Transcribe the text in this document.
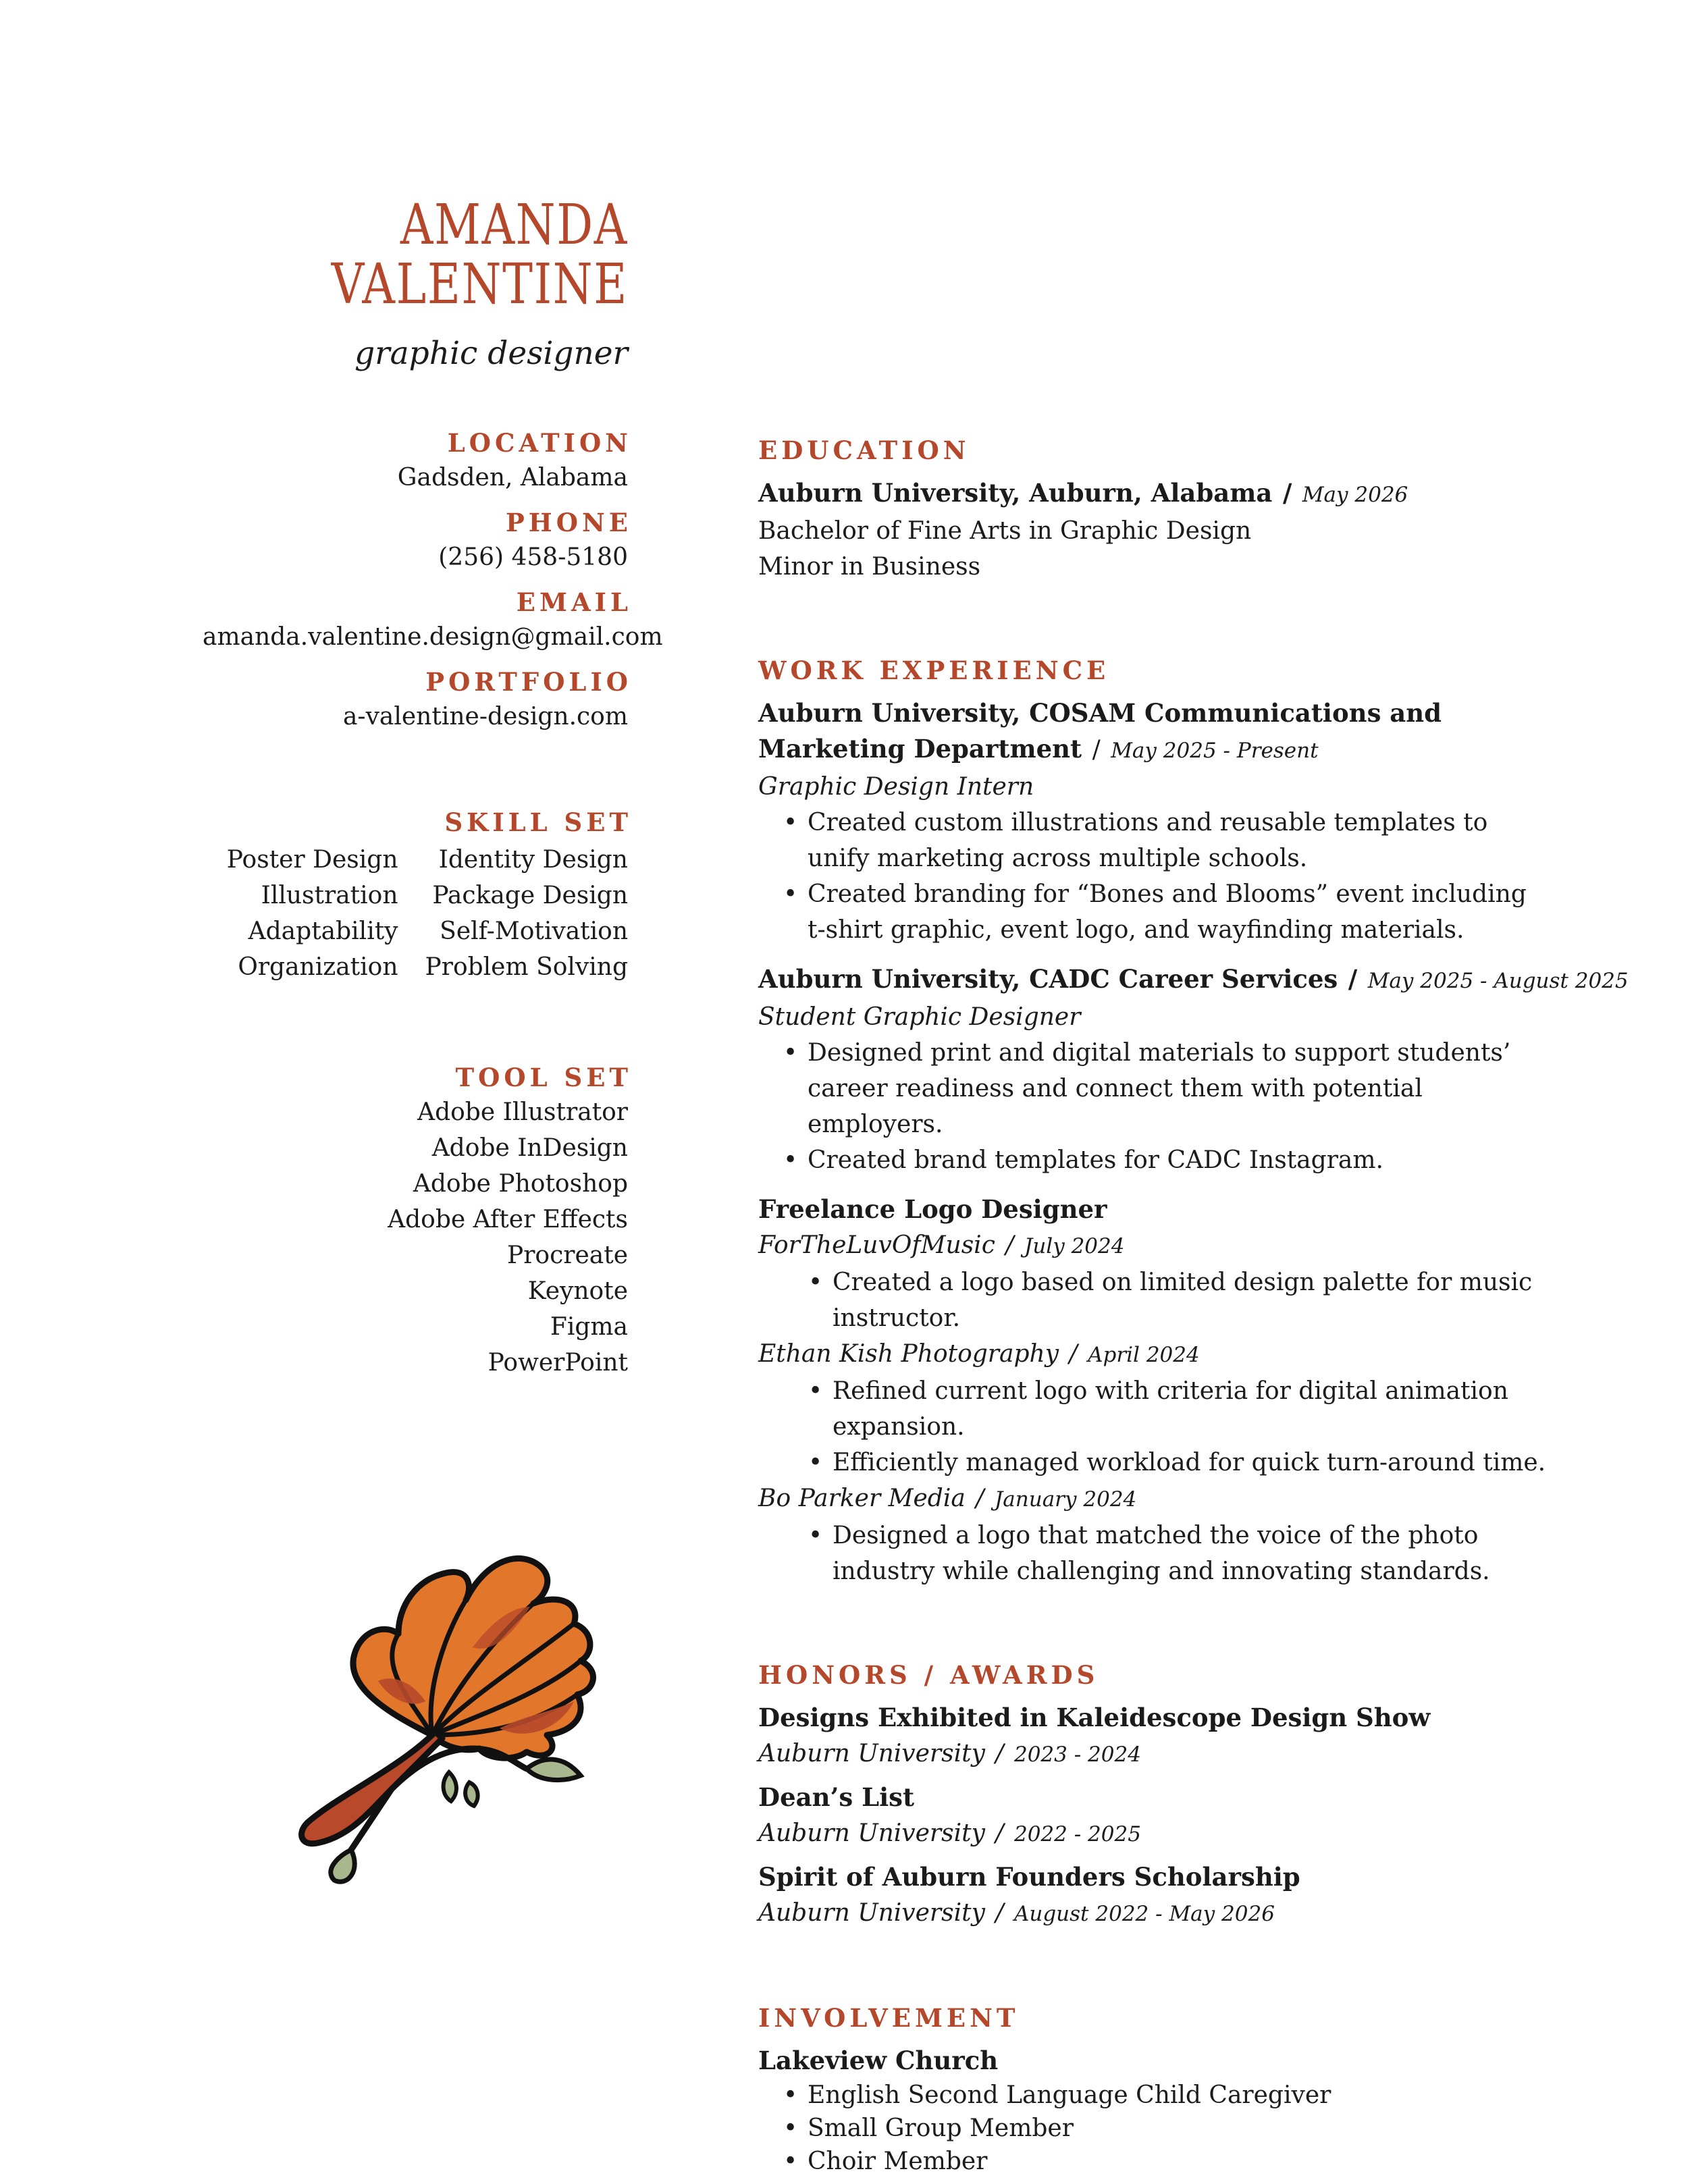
AMANDA
VALENTINE
graphic designer
LOCATION
Gadsden, Alabama
PHONE
(256) 458-5180
EMAIL
amanda.valentine.design@gmail.com
PORTFOLIO
a-valentine-design.com
SKILL SET
Poster Design	Identity Design
Illustration Package Design
Adaptability	Self-Motivation
Organization Problem Solving
TOOL SET
Adobe Illustrator
Adobe InDesign
Adobe Photoshop
Adobe After Effects
Procreate
Keynote
Figma
PowerPoint
EDUCATION
Auburn University, Auburn, Alabama / May 2026
Bachelor of Fine Arts in Graphic Design
Minor in Business
WORK EXPERIENCE
Auburn University, COSAM Communications and
Marketing Department / May 2025 - Present
Graphic Design Intern
• Created custom illustrations and reusable templates to unify marketing across multiple schools.
• Created branding for “Bones and Blooms” event including t-shirt graphic, event logo, and wayfinding materials.
Auburn University, CADC Career Services / May 2025 - August 2025
Student Graphic Designer
• Designed print and digital materials to support students’ career readiness and connect them with potential employers.
• Created brand templates for CADC Instagram.
Freelance Logo Designer
ForTheLuvOfMusic / July 2024
• Created a logo based on limited design palette for music instructor.
Ethan Kish Photography / April 2024
• Refined current logo with criteria for digital animation expansion.
• Efficiently managed workload for quick turn-around time.
Bo Parker Media / January 2024
• Designed a logo that matched the voice of the photo industry while challenging and innovating standards.
HONORS / AWARDS
Designs Exhibited in Kaleidescope Design Show
Auburn University / 2023 - 2024
Dean’s List
Auburn University / 2022 - 2025
Spirit of Auburn Founders Scholarship
Auburn University / August 2022 - May 2026
INVOLVEMENT
Lakeview Church
• English Second Language Child Caregiver
• Small Group Member
• Choir Member
